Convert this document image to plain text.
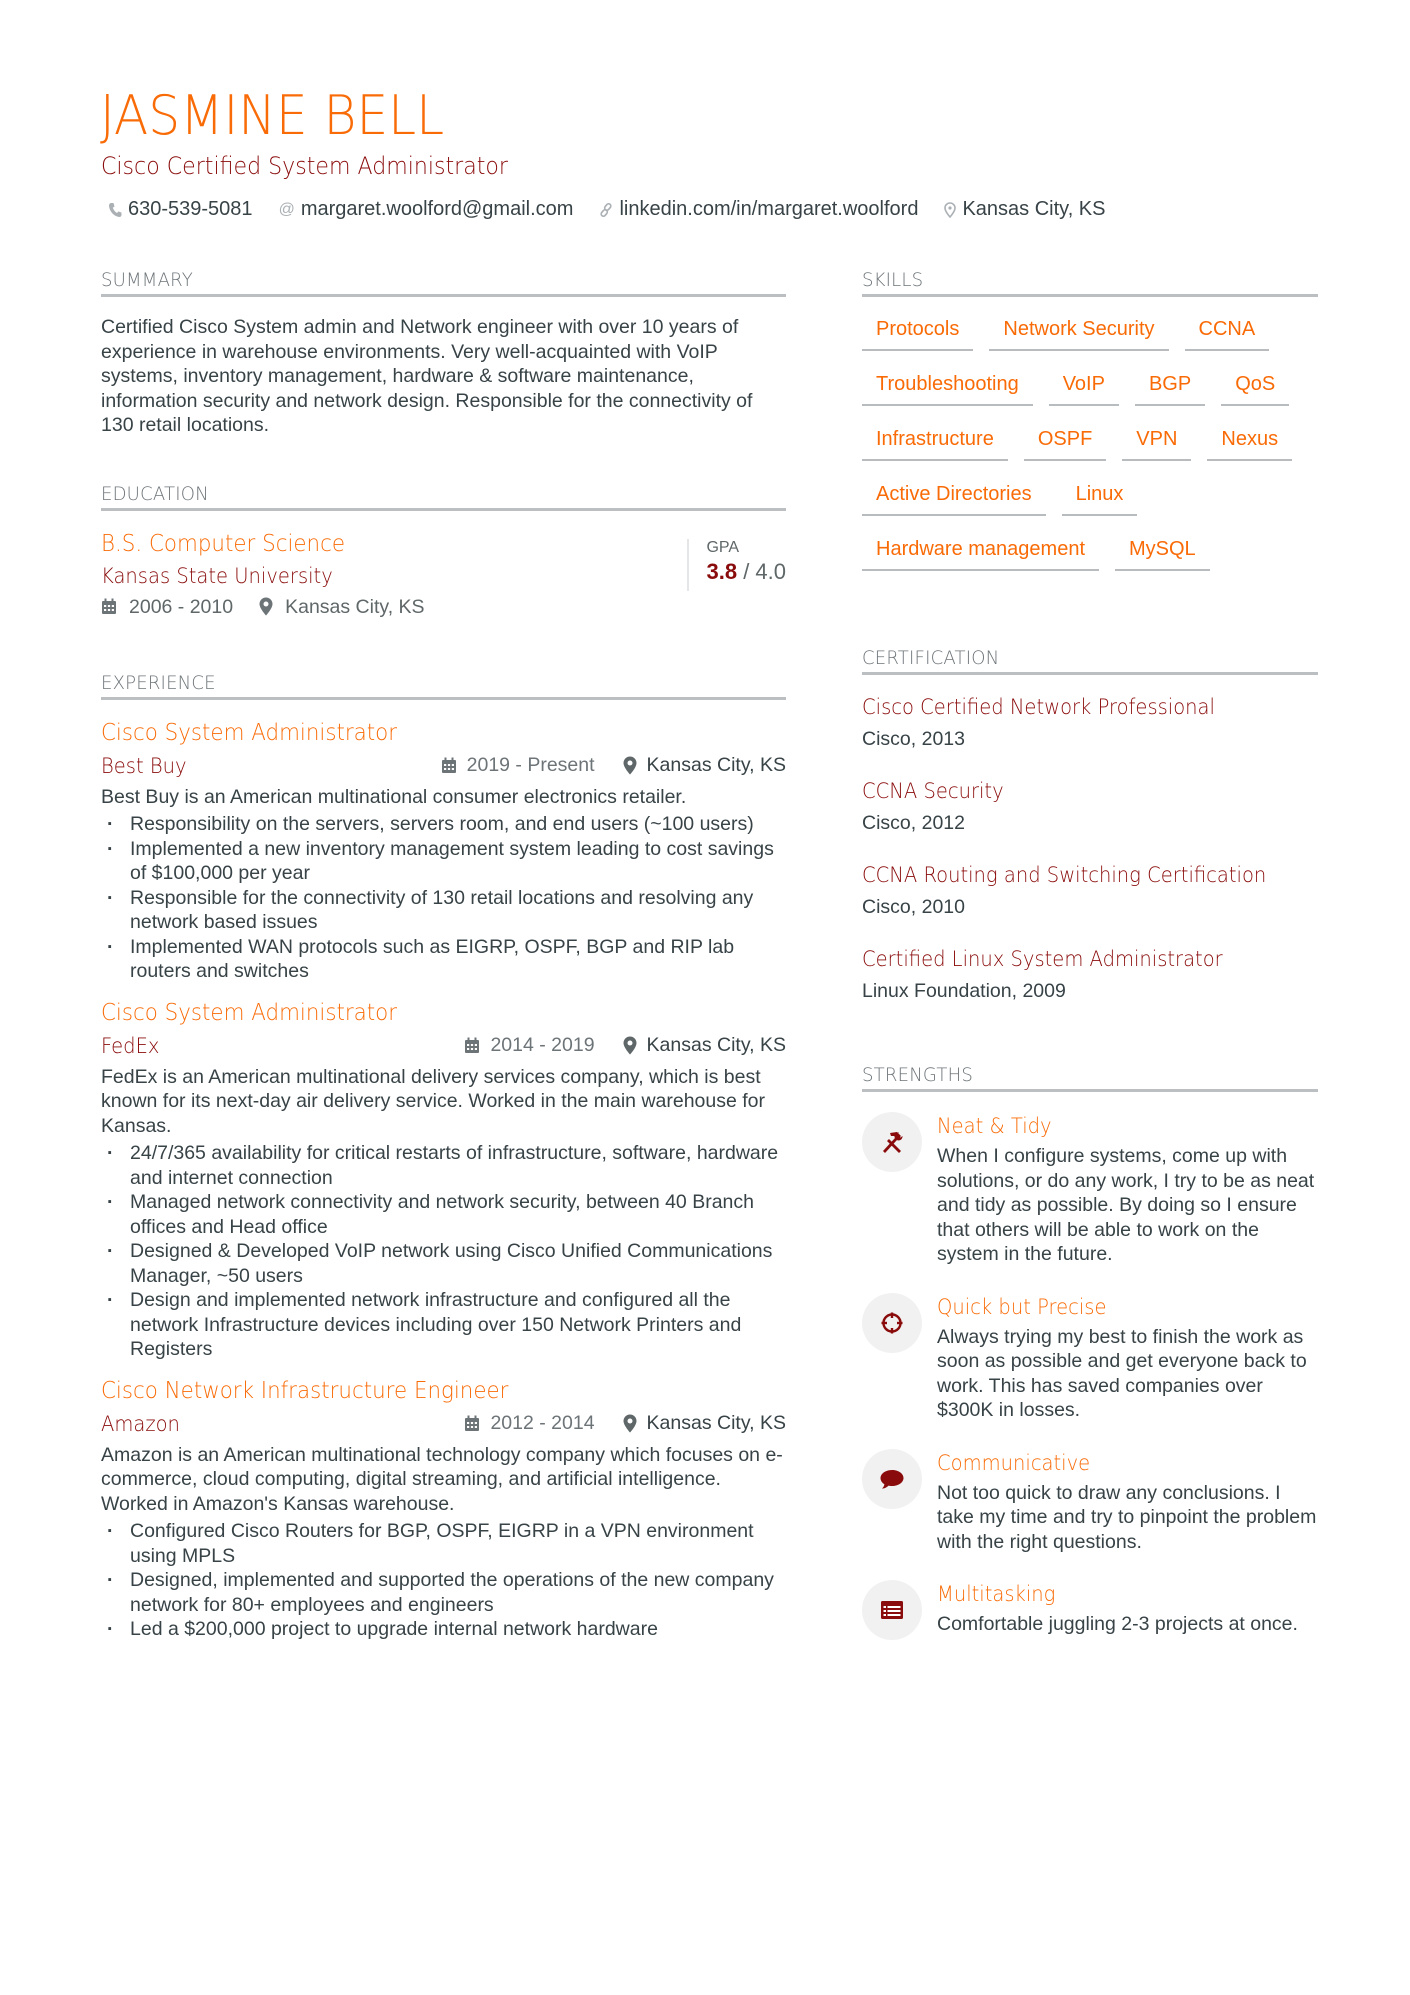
JASMINE BELL
Cisco Certified System Administrator
630-539-5081 @ margaret.woolford@gmail.com linkedin.com/in/margaret.woolford Kansas City, KS
SUMMARY

Certified Cisco System admin and Network engineer with over 10 years of experience in warehouse environments. Very well-acquainted with VoIP systems, inventory management, hardware & software maintenance, information security and network design. Responsible for the connectivity of 130 retail locations.

EDUCATION
B.S. Computer Science
Kansas State University
2006 - 2010	Kansas City, KS
GPA
3.8 / 4.0
EXPERIENCE
Cisco System Administrator
Best Buy	2019 - Present	Kansas City, KS
Best Buy is an American multinational consumer electronics retailer.
· Responsibility on the servers, servers room, and end users (~100 users)
· Implemented a new inventory management system leading to cost savings of $100,000 per year
· Responsible for the connectivity of 130 retail locations and resolving any network based issues
· Implemented WAN protocols such as EIGRP, OSPF, BGP and RIP lab routers and switches
Cisco System Administrator
FedEx	2014 - 2019	Kansas City, KS
FedEx is an American multinational delivery services company, which is best known for its next-day air delivery service. Worked in the main warehouse for Kansas.
· 24/7/365 availability for critical restarts of infrastructure, software, hardware and internet connection
· Managed network connectivity and network security, between 40 Branch offices and Head office
· Designed & Developed VoIP network using Cisco Unified Communications Manager, ~50 users
· Design and implemented network infrastructure and configured all the network Infrastructure devices including over 150 Network Printers and Registers
Cisco Network Infrastructure Engineer
Amazon	2012 - 2014	Kansas City, KS
Amazon is an American multinational technology company which focuses on e-commerce, cloud computing, digital streaming, and artificial intelligence. Worked in Amazon's Kansas warehouse.
· Configured Cisco Routers for BGP, OSPF, EIGRP in a VPN environment using MPLS
· Designed, implemented and supported the operations of the new company network for 80+ employees and engineers
· Led a $200,000 project to upgrade internal network hardware
SKILLS
Protocols	Network Security	CCNA
Troubleshooting	VoIP	BGP	QoS
Infrastructure	OSPF	VPN	Nexus
Active Directories	Linux
Hardware management	MySQL
CERTIFICATION
Cisco Certified Network Professional
Cisco, 2013
CCNA Security
Cisco, 2012
CCNA Routing and Switching Certification
Cisco, 2010
Certified Linux System Administrator
Linux Foundation, 2009
STRENGTHS
Neat & Tidy
When I configure systems, come up with solutions, or do any work, I try to be as neat and tidy as possible. By doing so I ensure that others will be able to work on the system in the future.
Quick but Precise
Always trying my best to finish the work as soon as possible and get everyone back to work. This has saved companies over $300K in losses.
Communicative
Not too quick to draw any conclusions. I take my time and try to pinpoint the problem with the right questions.
Multitasking
Comfortable juggling 2-3 projects at once.
